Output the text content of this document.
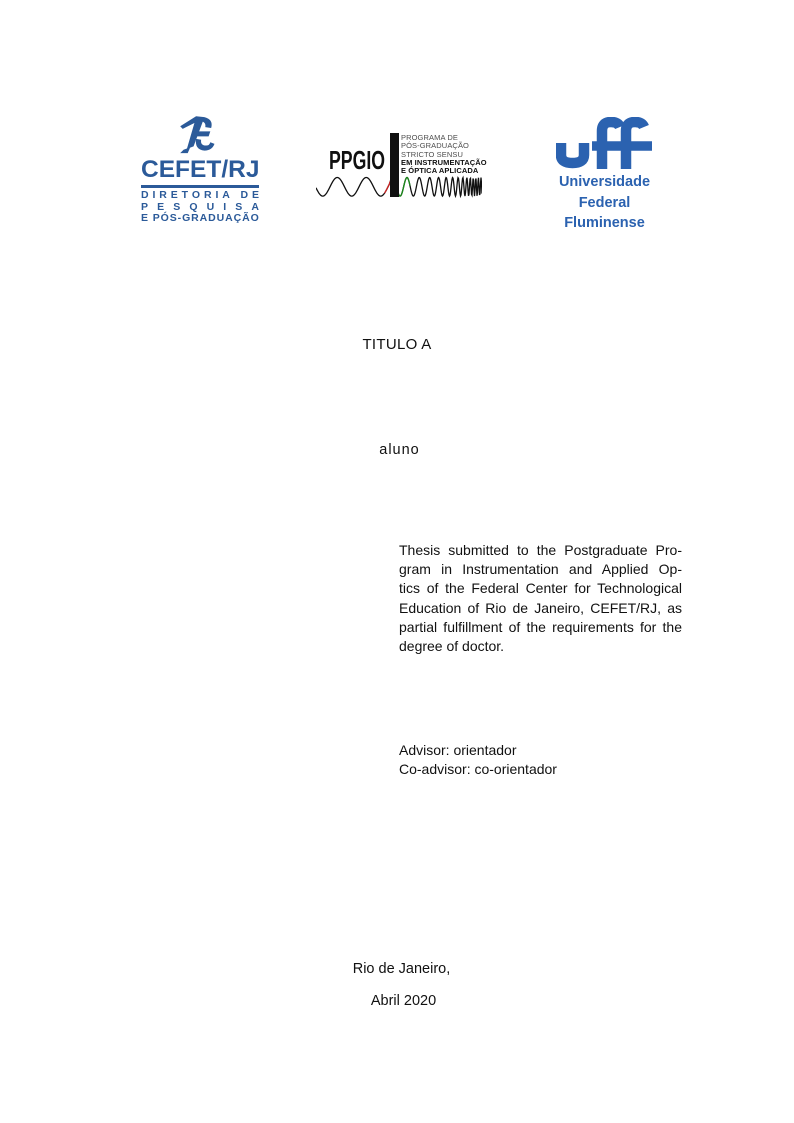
C E F E T / R J
D I R E T O R I A
D E
P E S Q U I S A
E
P Ó S - G R A D U A Ç Ã O
PPGIO
PROGRAMA DE
PÓS-GRADUAÇÃO
STRICTO SENSU
EM INSTRUMENTAÇÃO
E ÓPTICA APLICADA
Universidade
Federal
Fluminense
TITULO A
aluno
Thesis submitted to the Postgraduate Pro-
gram in Instrumentation and Applied Op-
tics of the Federal Center for Technological
Education of Rio de Janeiro, CEFET/RJ, as
partial fulfillment of the requirements for the
degree of doctor.
Advisor: orientador
Co-advisor: co-orientador
Rio de Janeiro,
Abril 2020
